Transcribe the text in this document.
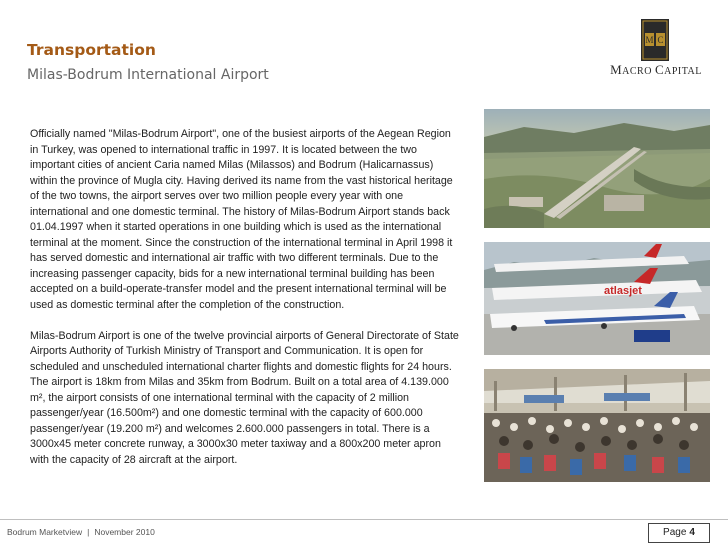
Transportation
Milas-Bodrum International Airport
M C
MACRO CAPITAL

Officially named "Milas-Bodrum Airport", one of the busiest airports of the Aegean Region in Turkey, was opened to international traffic in 1997. It is located between the two important cities of ancient Caria named Milas (Milassos) and Bodrum (Halicarnassus) within the province of Mugla city. Having derived its name from the vast historical heritage of the two towns, the airport serves over two million people every year with one international and one domestic terminal. The history of Milas-Bodrum Airport stands back 01.04.1997 when it started operations in one building which is used as the international terminal at the moment. Since the construction of the international terminal in April 1998 it has served domestic and international air traffic with two different terminals. Due to the increasing passenger capacity, bids for a new international terminal building has been accepted on a build-operate-transfer model and the present international terminal will be used as domestic terminal after the completion of the construction.

Milas-Bodrum Airport is one of the twelve provincial airports of General Directorate of State Airports Authority of Turkish Ministry of Transport and Communication. It is open for scheduled and unscheduled international charter flights and domestic flights for 24 hours. The airport is 18km from Milas and 35km from Bodrum. Built on a total area of 4.139.000 m², the airport consists of one international terminal with the capacity of 2 million passenger/year (16.500m²) and one domestic terminal with the capacity of 600.000 passenger/year (19.200 m²) and welcomes 2.600.000 passengers in total. There is a 3000x45 meter concrete runway, a 3000x30 meter taxiway and a 800x200 meter apron with the capacity of 28 aircraft at the airport.

atlasjet
Bodrum Marketview | November 2010	Page 4
